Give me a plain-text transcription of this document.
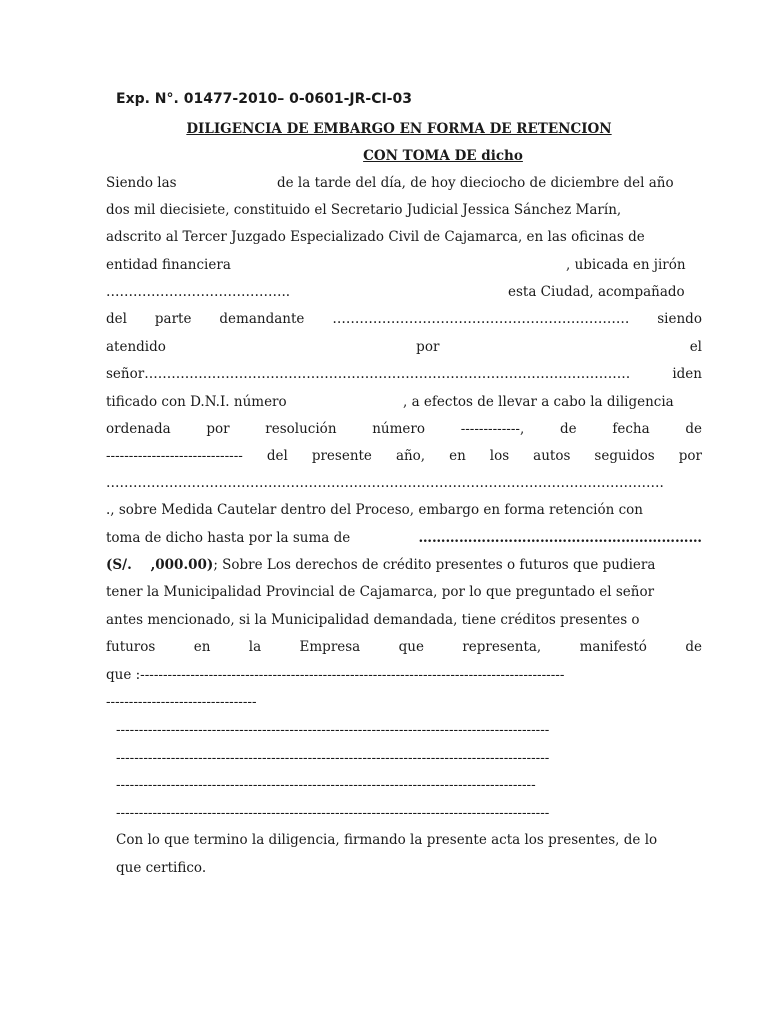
Exp. N°. 01477-2010– 0-0601-JR-CI-03
DILIGENCIA DE EMBARGO EN FORMA DE RETENCION
CON TOMA DE dicho
Siendo las	de la tarde del día, de hoy dieciocho de diciembre del año
dos mil diecisiete, constituido el Secretario Judicial Jessica Sánchez Marín,
adscrito al Tercer Juzgado Especializado Civil de Cajamarca, en las oficinas de
entidad financiera	, ubicada en jirón
…………………………………..	esta Ciudad, acompañado
del parte demandante ………………………………………………………… siendo
atendido	por	el
señor………………………………………………………………………………………………	iden
tificado con D.N.I. número	, a efectos de llevar a cabo la diligencia
ordenada	por	resolución	número	-------------,	de	fecha	de
------------------------------ del presente año, en los autos seguidos por
…………………………………………………………………………………………………………….
., sobre Medida Cautelar dentro del Proceso, embargo en forma retención con
toma de dicho hasta por la suma de	………………………………………………………
(S/.    ,000.00); Sobre Los derechos de crédito presentes o futuros que pudiera
tener la Municipalidad Provincial de Cajamarca, por lo que preguntado el señor
antes mencionado, si la Municipalidad demandada, tiene créditos presentes o
futuros	en	la	Empresa	que	representa,	manifestó	de
que :---------------------------------------------------------------------------------------------
---------------------------------
-----------------------------------------------------------------------------------------------
-----------------------------------------------------------------------------------------------
--------------------------------------------------------------------------------------------
-----------------------------------------------------------------------------------------------
Con lo que termino la diligencia, firmando la presente acta los presentes, de lo
que certifico.
